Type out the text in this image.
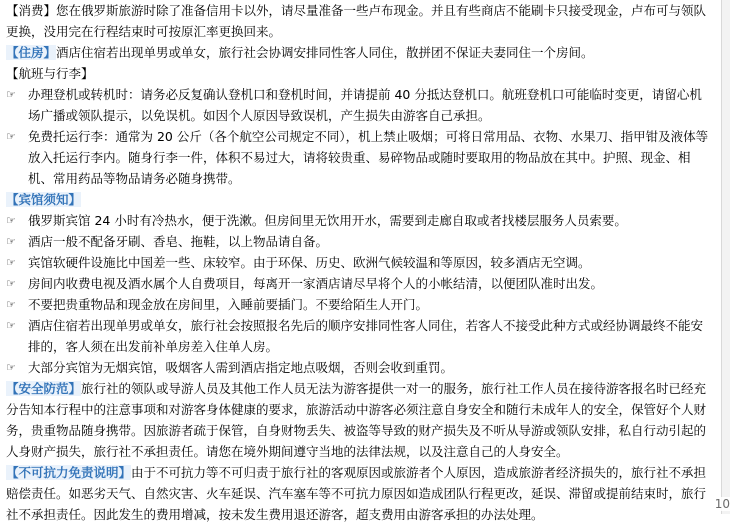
【消费】您在俄罗斯旅游时除了准备信用卡以外，请尽量准备一些卢布现金。并且有些商店不能刷卡只接受现金，卢布可与领队更换，没用完在行程结束时可按原汇率更换回来。

【住房】酒店住宿若出现单男或单女，旅行社会协调安排同性客人同住，散拼团不保证夫妻同住一个房间。

【航班与行李】
☞ 办理登机或转机时：请务必反复确认登机口和登机时间，并请提前 40 分抵达登机口。航班登机口可能临时变更，请留心机场广播或领队提示，以免误机。如因个人原因导致误机，产生损失由游客自己承担。
☞ 免费托运行李：通常为 20 公斤（各个航空公司规定不同），机上禁止吸烟；可将日常用品、衣物、水果刀、指甲钳及液体等放入托运行李内。随身行李一件，体积不易过大，请将较贵重、易碎物品或随时要取用的物品放在其中。护照、现金、相机、常用药品等物品请务必随身携带。
【宾馆须知】
☞ 俄罗斯宾馆 24 小时有冷热水，便于洗漱。但房间里无饮用开水，需要到走廊自取或者找楼层服务人员索要。
☞ 酒店一般不配备牙刷、香皂、拖鞋，以上物品请自备。
☞ 宾馆软硬件设施比中国差一些、床较窄。由于环保、历史、欧洲气候较温和等原因，较多酒店无空调。
☞ 房间内收费电视及酒水属个人自费项目，每离开一家酒店请尽早将个人的小帐结清，以便团队准时出发。
☞ 不要把贵重物品和现金放在房间里，入睡前要插门。不要给陌生人开门。
☞ 酒店住宿若出现单男或单女，旅行社会按照报名先后的顺序安排同性客人同住，若客人不接受此种方式或经协调最终不能安排的，客人须在出发前补单房差入住单人房。
☞ 大部分宾馆为无烟宾馆，吸烟客人需到酒店指定地点吸烟，否则会收到重罚。

【安全防范】旅行社的领队或导游人员及其他工作人员无法为游客提供一对一的服务，旅行社工作人员在接待游客报名时已经充分告知本行程中的注意事项和对游客身体健康的要求，旅游活动中游客必须注意自身安全和随行未成年人的安全，保管好个人财务，贵重物品随身携带。因旅游者疏于保管，自身财物丢失、被盗等导致的财产损失及不听从导游或领队安排，私自行动引起的人身财产损失，旅行社不承担责任。请您在境外期间遵守当地的法律法规，以及注意自己的人身安全。

【不可抗力免责说明】由于不可抗力等不可归责于旅行社的客观原因或旅游者个人原因，造成旅游者经济损失的，旅行社不承担赔偿责任。如恶劣天气、自然灾害、火车延误、汽车塞车等不可抗力原因如造成团队行程更改，延误、滞留或提前结束时，旅行社不承担责任。因此发生的费用增减，按未发生费用退还游客，超支费用由游客承担的办法处理。

10
